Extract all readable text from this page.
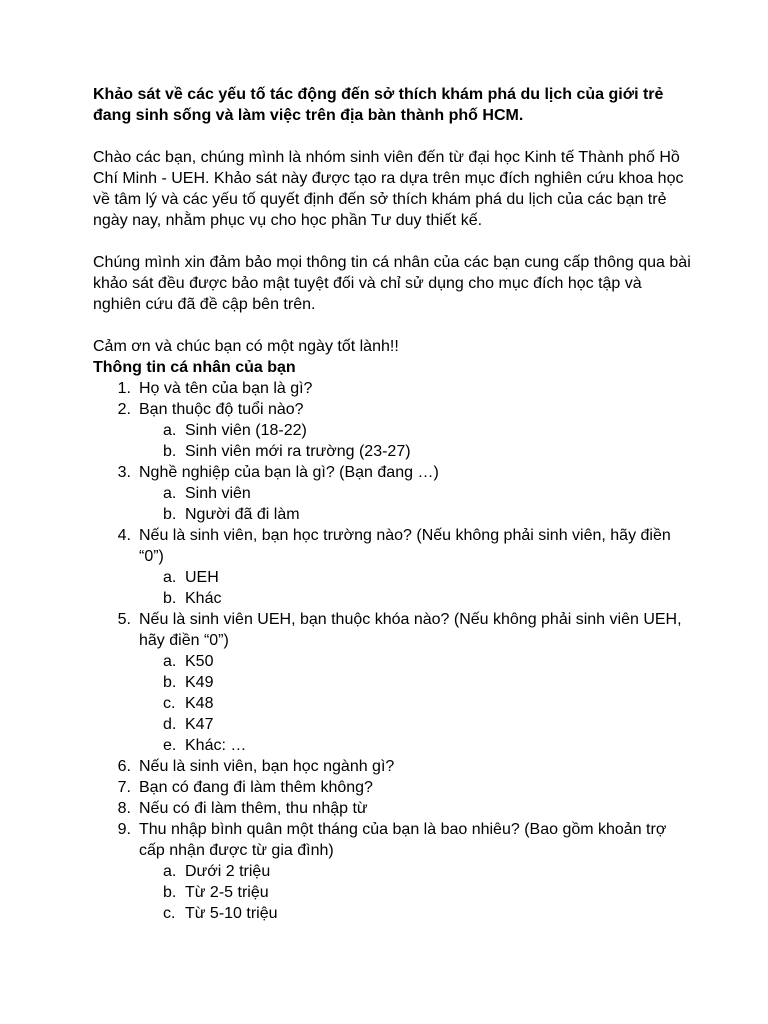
Khảo sát về các yếu tố tác động đến sở thích khám phá du lịch của giới trẻ đang sinh sống và làm việc trên địa bàn thành phố HCM.

Chào các bạn, chúng mình là nhóm sinh viên đến từ đại học Kinh tế Thành phố Hồ Chí Minh - UEH. Khảo sát này được tạo ra dựa trên mục đích nghiên cứu khoa học về tâm lý và các yếu tố quyết định đến sở thích khám phá du lịch của các bạn trẻ ngày nay, nhằm phục vụ cho học phần Tư duy thiết kế.

Chúng mình xin đảm bảo mọi thông tin cá nhân của các bạn cung cấp thông qua bài khảo sát đều được bảo mật tuyệt đối và chỉ sử dụng cho mục đích học tập và nghiên cứu đã đề cập bên trên.

Cảm ơn và chúc bạn có một ngày tốt lành!!

Thông tin cá nhân của bạn

1. Họ và tên của bạn là gì?
2. Bạn thuộc độ tuổi nào?
a. Sinh viên (18-22)
b. Sinh viên mới ra trường (23-27)
3. Nghề nghiệp của bạn là gì? (Bạn đang …)
a. Sinh viên
b. Người đã đi làm
4. Nếu là sinh viên, bạn học trường nào? (Nếu không phải sinh viên, hãy điền “0”)
a. UEH
b. Khác
5. Nếu là sinh viên UEH, bạn thuộc khóa nào? (Nếu không phải sinh viên UEH, hãy điền “0”)
a. K50
b. K49
c. K48
d. K47
e. Khác: …
6. Nếu là sinh viên, bạn học ngành gì?
7. Bạn có đang đi làm thêm không?
8. Nếu có đi làm thêm, thu nhập từ
9. Thu nhập bình quân một tháng của bạn là bao nhiêu? (Bao gồm khoản trợ cấp nhận được từ gia đình)
a. Dưới 2 triệu
b. Từ 2-5 triệu
c. Từ 5-10 triệu
